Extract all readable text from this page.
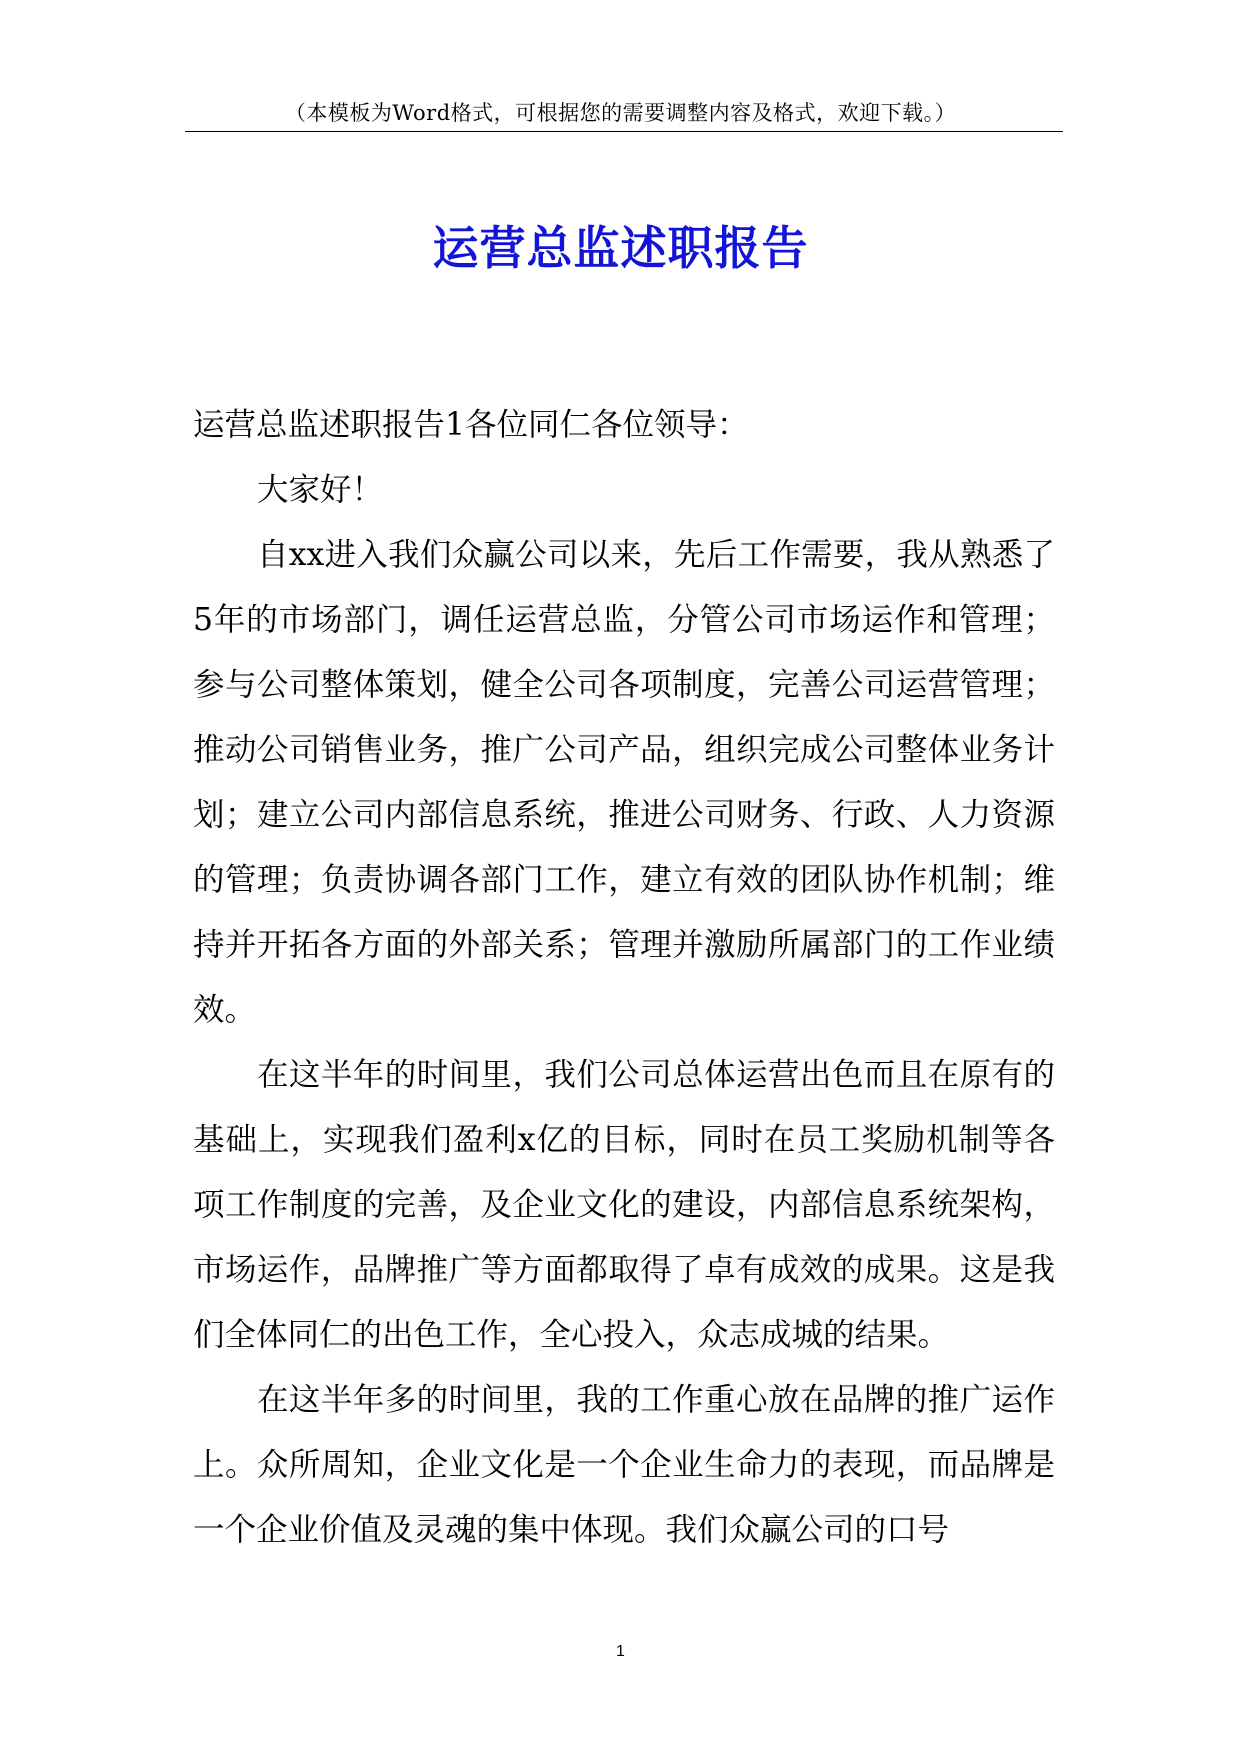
（本模板为Word格式，可根据您的需要调整内容及格式，欢迎下载。）
运营总监述职报告

运营总监述职报告1各位同仁各位领导：

大家好！

自xx进入我们众赢公司以来，先后工作需要，我从熟悉了5年的市场部门，调任运营总监，分管公司市场运作和管理；参与公司整体策划，健全公司各项制度，完善公司运营管理；推动公司销售业务，推广公司产品，组织完成公司整体业务计划；建立公司内部信息系统，推进公司财务、行政、人力资源的管理；负责协调各部门工作，建立有效的团队协作机制；维持并开拓各方面的外部关系；管理并激励所属部门的工作业绩效。

在这半年的时间里，我们公司总体运营出色而且在原有的基础上，实现我们盈利x亿的目标，同时在员工奖励机制等各项工作制度的完善，及企业文化的建设，内部信息系统架构，市场运作，品牌推广等方面都取得了卓有成效的成果。这是我们全体同仁的出色工作，全心投入，众志成城的结果。

在这半年多的时间里，我的工作重心放在品牌的推广运作上。众所周知，企业文化是一个企业生命力的表现，而品牌是一个企业价值及灵魂的集中体现。我们众赢公司的口号

1
